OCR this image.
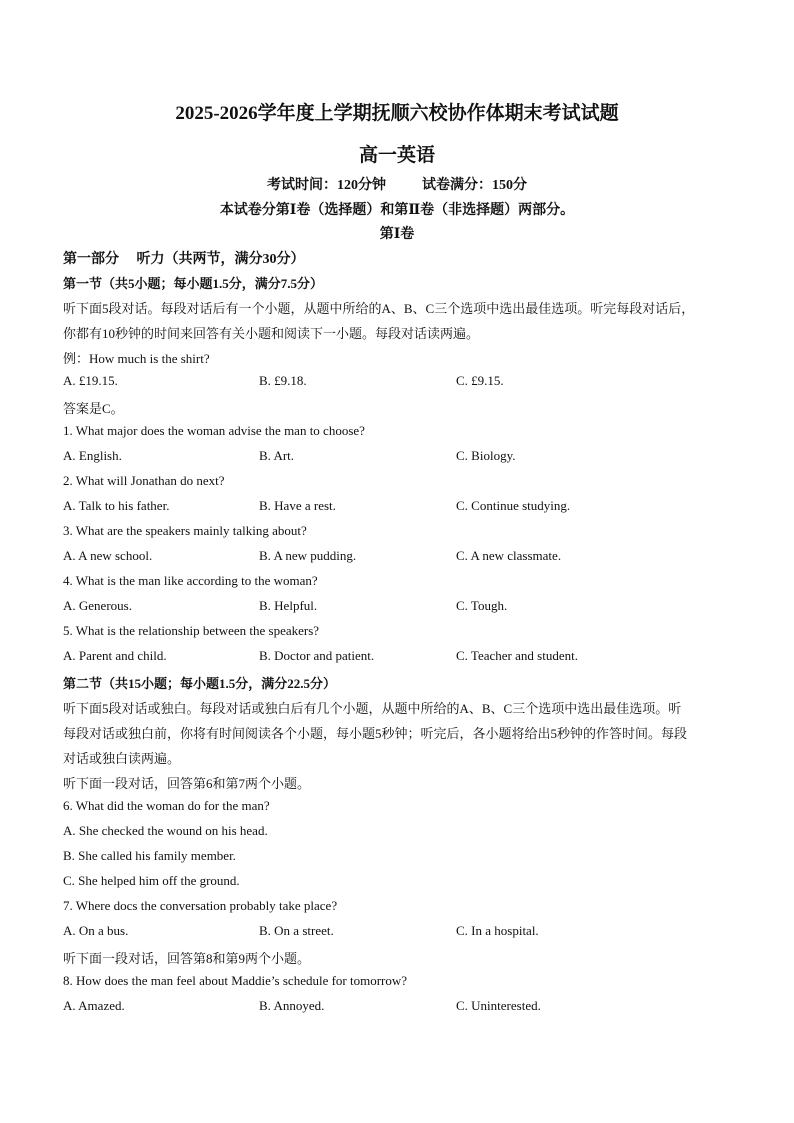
2025-2026学年度上学期抚顺六校协作体期末考试试题
高一英语
考试时间：120分钟	试卷满分：150分
本试卷分第Ⅰ卷（选择题）和第Ⅱ卷（非选择题）两部分。
第Ⅰ卷
第一部分　 听力（共两节，满分30分）
第一节（共5小题；每小题1.5分，满分7.5分）
听下面5段对话。每段对话后有一个小题，从题中所给的A、B、C三个选项中选出最佳选项。听完每段对话后，
你都有10秒钟的时间来回答有关小题和阅读下一小题。每段对话读两遍。
例：How much is the shirt?
A. £19.15.	B. £9.18.	C. £9.15.
答案是C。
1. What major does the woman advise the man to choose?
A. English.	B. Art.	C. Biology.
2. What will Jonathan do next?
A. Talk to his father.	B. Have a rest.	C. Continue studying.
3. What are the speakers mainly talking about?
A. A new school.	B. A new pudding.	C. A new classmate.
4. What is the man like according to the woman?
A. Generous.	B. Helpful.	C. Tough.
5. What is the relationship between the speakers?
A. Parent and child.	B. Doctor and patient.	C. Teacher and student.
第二节（共15小题；每小题1.5分，满分22.5分）
听下面5段对话或独白。每段对话或独白后有几个小题，从题中所给的A、B、C三个选项中选出最佳选项。听
每段对话或独白前，你将有时间阅读各个小题，每小题5秒钟；听完后，各小题将给出5秒钟的作答时间。每段
对话或独白读两遍。
听下面一段对话，回答第6和第7两个小题。
6. What did the woman do for the man?
A. She checked the wound on his head.
B. She called his family member.
C. She helped him off the ground.
7. Where docs the conversation probably take place?
A. On a bus.	B. On a street.	C. In a hospital.
听下面一段对话，回答第8和第9两个小题。
8. How does the man feel about Maddie’s schedule for tomorrow?
A. Amazed.	B. Annoyed.	C. Uninterested.
